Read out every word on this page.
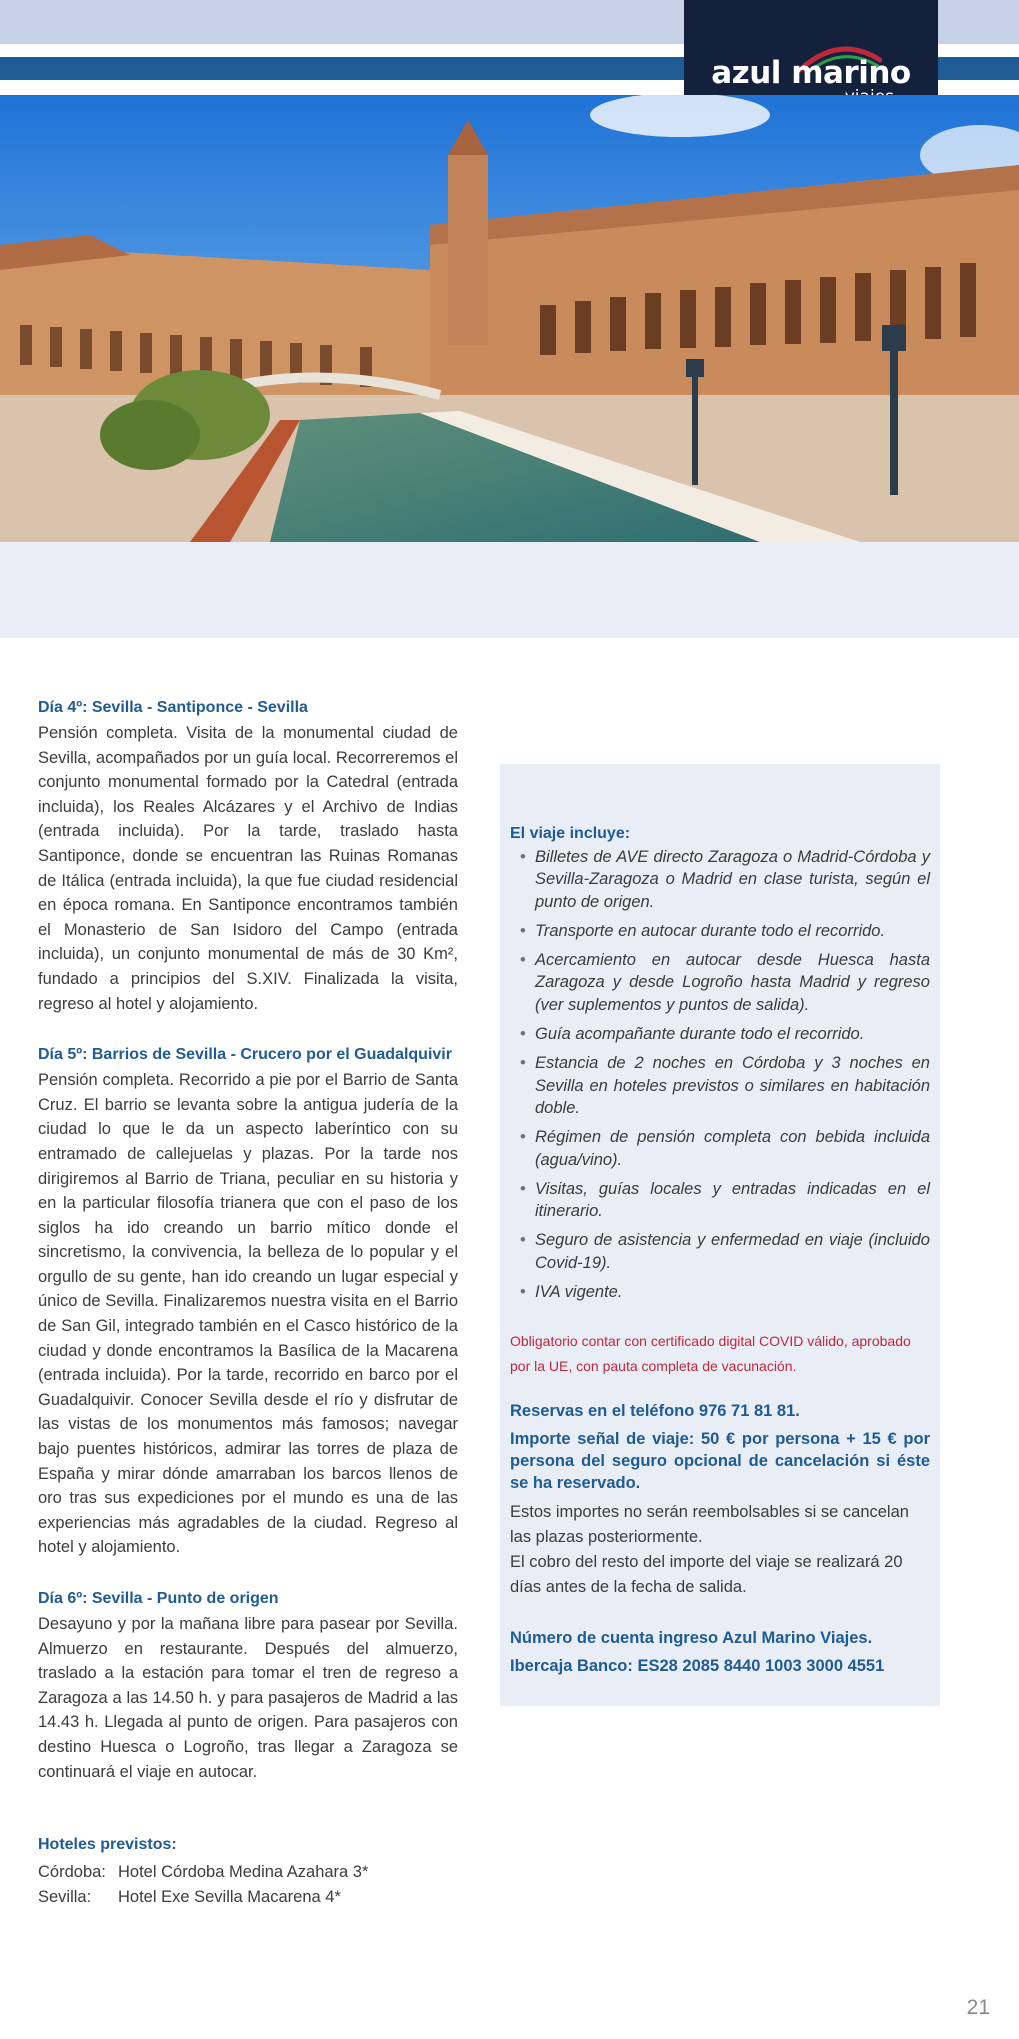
azul marino
Día 4º: Sevilla - Santiponce - Sevilla

Pensión completa. Visita de la monumental ciudad de Sevilla, acompañados por un guía local. Recorreremos el conjunto monumental formado por la Catedral (entrada incluida), los Reales Alcázares y el Archivo de Indias (entrada incluida). Por la tarde, traslado hasta Santiponce, donde se encuentran las Ruinas Romanas de Itálica (entrada incluida), la que fue ciudad residencial en época romana. En Santiponce encontramos también el Monasterio de San Isidoro del Campo (entrada incluida), un conjunto monumental de más de 30 Km², fundado a principios del S.XIV. Finalizada la visita, regreso al hotel y alojamiento.

Día 5º: Barrios de Sevilla - Crucero por el Guadalquivir

Pensión completa. Recorrido a pie por el Barrio de Santa Cruz. El barrio se levanta sobre la antigua judería de la ciudad lo que le da un aspecto laberíntico con su entramado de callejuelas y plazas. Por la tarde nos dirigiremos al Barrio de Triana, peculiar en su historia y en la particular filosofía trianera que con el paso de los siglos ha ido creando un barrio mítico donde el sincretismo, la convivencia, la belleza de lo popular y el orgullo de su gente, han ido creando un lugar especial y único de Sevilla. Finalizaremos nuestra visita en el Barrio de San Gil, integrado también en el Casco histórico de la ciudad y donde encontramos la Basílica de la Macarena (entrada incluida). Por la tarde, recorrido en barco por el Guadalquivir. Conocer Sevilla desde el río y disfrutar de las vistas de los monumentos más famosos; navegar bajo puentes históricos, admirar las torres de plaza de España y mirar dónde amarraban los barcos llenos de oro tras sus expediciones por el mundo es una de las experiencias más agradables de la ciudad. Regreso al hotel y alojamiento.

Día 6º: Sevilla - Punto de origen

Desayuno y por la mañana libre para pasear por Sevilla. Almuerzo en restaurante. Después del almuerzo, traslado a la estación para tomar el tren de regreso a Zaragoza a las 14.50 h. y para pasajeros de Madrid a las 14.43 h. Llegada al punto de origen. Para pasajeros con destino Huesca o Logroño, tras llegar a Zaragoza se continuará el viaje en autocar.

Hoteles previstos:
Córdoba: Hotel Córdoba Medina Azahara 3*
Sevilla:	Hotel Exe Sevilla Macarena 4*
El viaje incluye:
• Billetes de AVE directo Zaragoza o Madrid-Córdoba y Sevilla-Zaragoza o Madrid en clase turista, según el punto de origen.
• Transporte en autocar durante todo el recorrido.
• Acercamiento en autocar desde Huesca hasta Zaragoza y desde Logroño hasta Madrid y regreso (ver suplementos y puntos de salida).
• Guía acompañante durante todo el recorrido.
• Estancia de 2 noches en Córdoba y 3 noches en Sevilla en hoteles previstos o similares en habitación doble.
• Régimen de pensión completa con bebida incluida (agua/vino).
• Visitas, guías locales y entradas indicadas en el itinerario.
• Seguro de asistencia y enfermedad en viaje (incluido Covid-19).
• IVA vigente.

Obligatorio contar con certificado digital COVID válido, aprobado por la UE, con pauta completa de vacunación.

Reservas en el teléfono 976 71 81 81.

Importe señal de viaje: 50 € por persona + 15 € por persona del seguro opcional de cancelación si éste se ha reservado.

Estos importes no serán reembolsables si se cancelan las plazas posteriormente.

El cobro del resto del importe del viaje se realizará 20 días antes de la fecha de salida.

Número de cuenta ingreso Azul Marino Viajes.
Ibercaja Banco: ES28 2085 8440 1003 3000 4551
21
